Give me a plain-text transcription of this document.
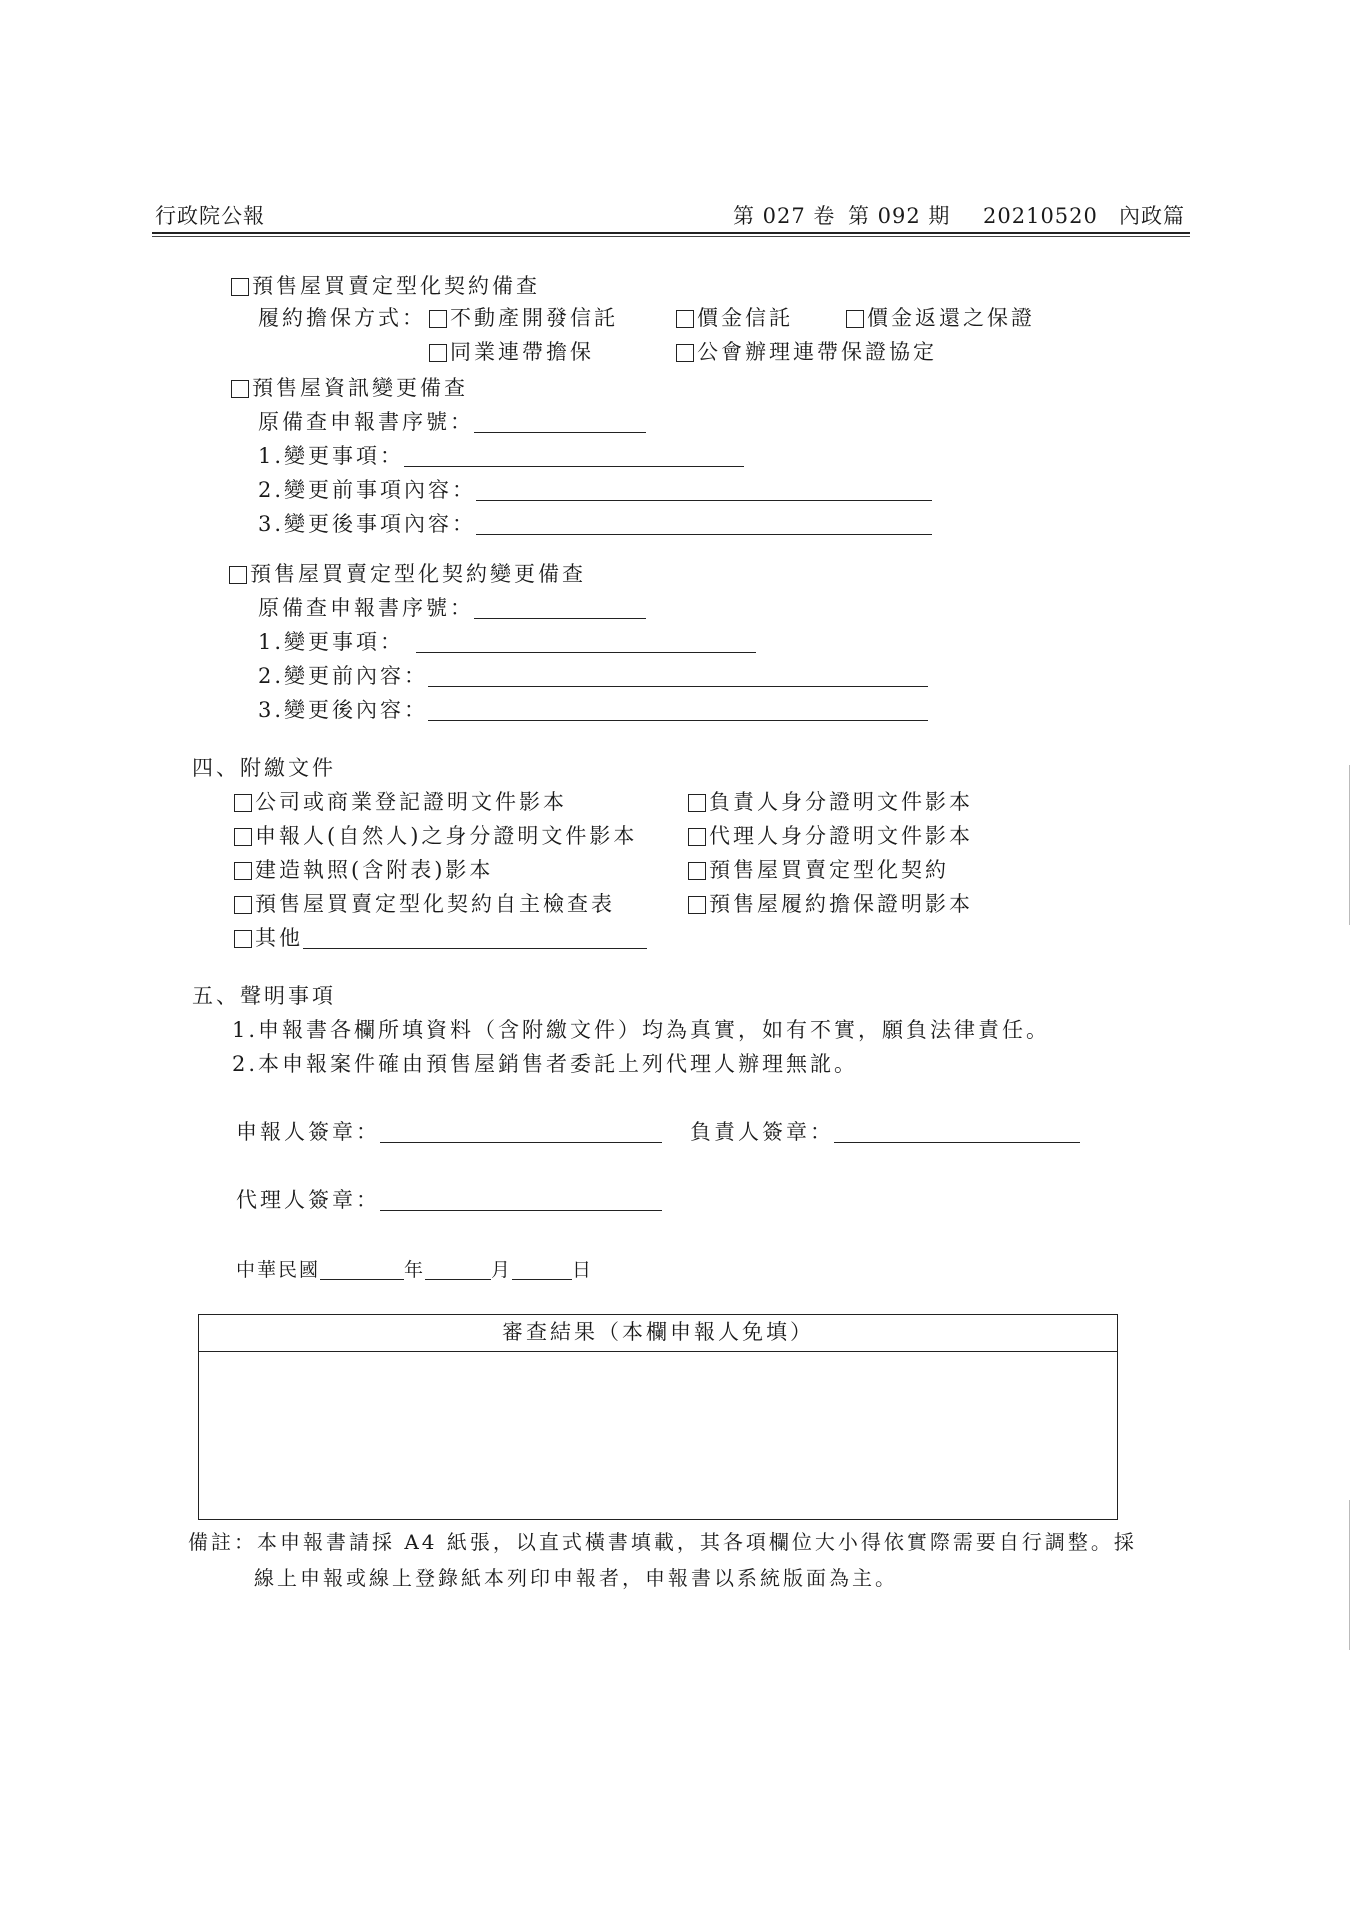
行政院公報	第 027 卷 第 092 期 20210520 內政篇
預售屋買賣定型化契約備查
履約擔保方式：	不動產開發信託	價金信託	價金返還之保證
同業連帶擔保	公會辦理連帶保證協定
預售屋資訊變更備查
原備查申報書序號：
1.變更事項：
2.變更前事項內容：
3.變更後事項內容：
預售屋買賣定型化契約變更備查
原備查申報書序號：
1.變更事項：
2.變更前內容：
3.變更後內容：
四、附繳文件
公司或商業登記證明文件影本	負責人身分證明文件影本
申報人(自然人)之身分證明文件影本	代理人身分證明文件影本
建造執照(含附表)影本	預售屋買賣定型化契約
預售屋買賣定型化契約自主檢查表	預售屋履約擔保證明影本
其他
五、聲明事項
1.申報書各欄所填資料（含附繳文件）均為真實，如有不實，願負法律責任。
2.本申報案件確由預售屋銷售者委託上列代理人辦理無訛。
申報人簽章：	負責人簽章：
代理人簽章：
中華民國	年	月	日
審查結果（本欄申報人免填）
備註：本申報書請採 A4 紙張，以直式橫書填載，其各項欄位大小得依實際需要自行調整。採
線上申報或線上登錄紙本列印申報者，申報書以系統版面為主。
